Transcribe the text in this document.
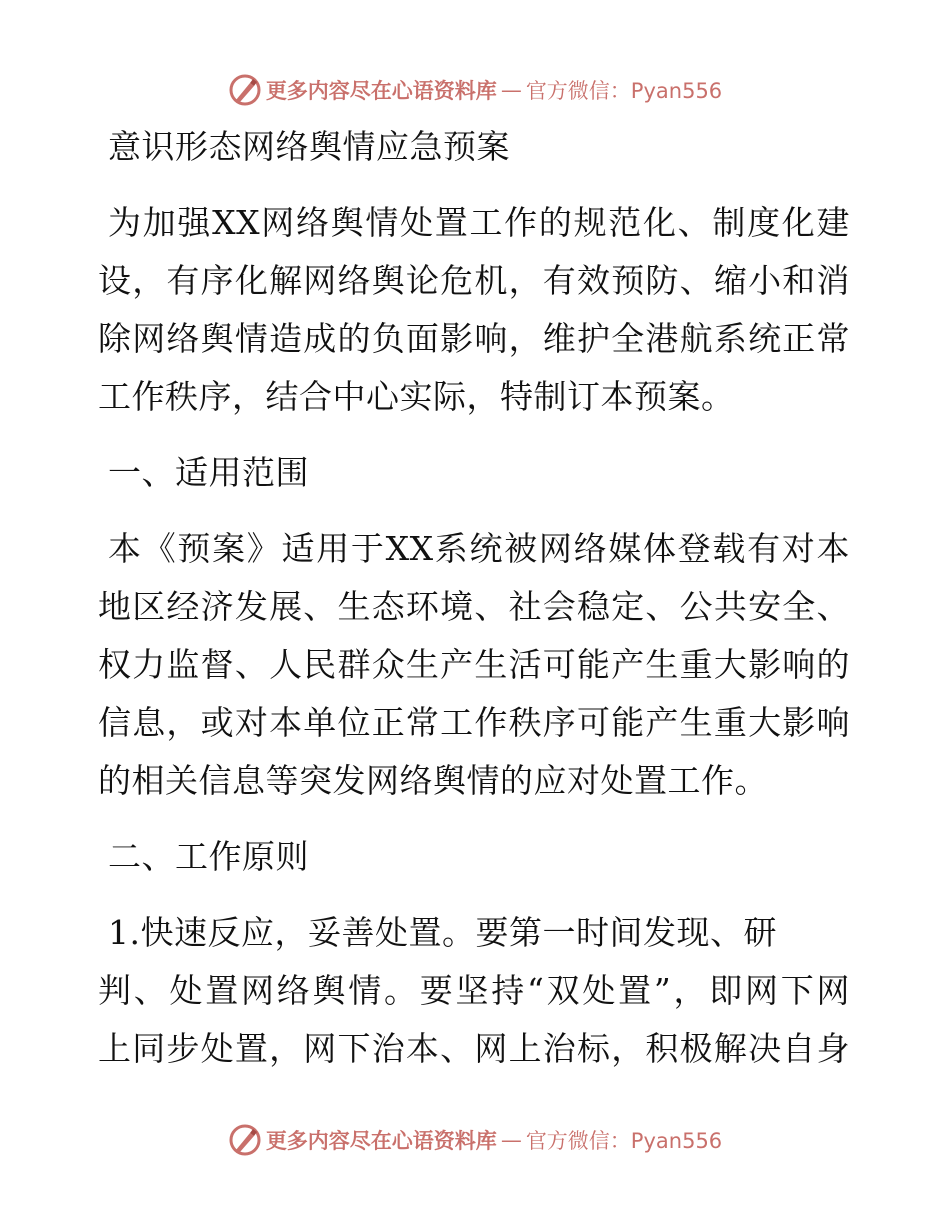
更多内容尽在心语资料库 — 官方微信：Pyan556
意识形态网络舆情应急预案
为加强XX网络舆情处置工作的规范化、制度化建
设，有序化解网络舆论危机，有效预防、缩小和消
除网络舆情造成的负面影响，维护全港航系统正常
工作秩序，结合中心实际，特制订本预案。
一、适用范围
本《预案》适用于XX系统被网络媒体登载有对本
地区经济发展、生态环境、社会稳定、公共安全、
权力监督、人民群众生产生活可能产生重大影响的
信息，或对本单位正常工作秩序可能产生重大影响
的相关信息等突发网络舆情的应对处置工作。
二、工作原则
1.快速反应，妥善处置。要第一时间发现、研
判、处置网络舆情。要坚持“双处置”，即网下网
上同步处置，网下治本、网上治标，积极解决自身
更多内容尽在心语资料库 — 官方微信：Pyan556
